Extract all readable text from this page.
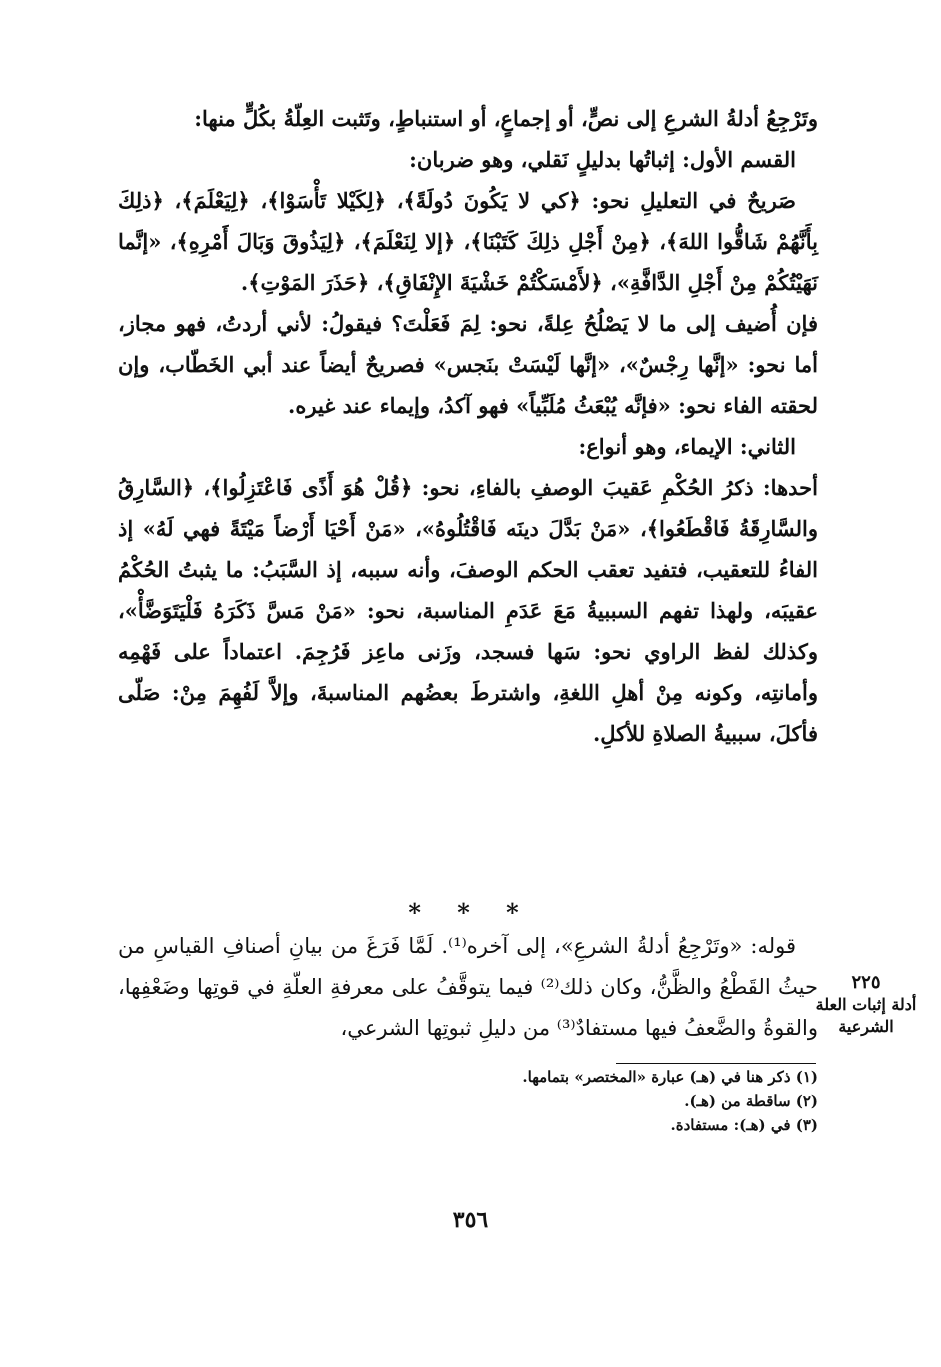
وتَرْجِعُ أدلةُ الشرعِ إلى نصٍّ، أو إجماعٍ، أو استنباطٍ، وتَثبت العِلّةُ بكُلٍّ منها:

القسم الأول: إثباتُها بدليلٍ نَقلي، وهو ضربان:

صَريحٌ في التعليلِ نحو: ﴿كي لا يَكُونَ دُولَةً﴾، ﴿لِكَيْلا تَأْسَوْا﴾، ﴿لِيَعْلَمَ﴾، ﴿ذلِكَ بِأَنَّهُمْ شَاقُّوا اللهَ﴾، ﴿مِنْ أَجْلِ ذلِكَ كَتَبْنَا﴾، ﴿إلا لِنَعْلَمَ﴾، ﴿لِيَذُوقَ وَبَالَ أَمْرِهِ﴾، «إنَّما نَهَيْتُكُمْ مِنْ أَجْلِ الدَّافَّةِ»، ﴿لأَمْسَكْتُمْ خَشْيَةَ الإِنْفَاقِ﴾، ﴿حَذَرَ المَوْتِ﴾.

فإن أُضيف إلى ما لا يَصْلُحُ عِلةً، نحو: لِمَ فَعَلْتَ؟ فيقولُ: لأني أردتُ، فهو مجاز، أما نحو: «إنَّها رِجْسٌ»، «إنَّها لَيْسَتْ بنَجس» فصريحٌ أيضاً عند أبي الخَطّاب، وإن لحقته الفاء نحو: «فإنَّه يُبْعَثُ مُلَبِّياً» فهو آكدُ، وإيماء عند غيره.

الثاني: الإيماء، وهو أنواع:

أحدها: ذكرُ الحُكْمِ عَقيبَ الوصفِ بالفاءِ، نحو: ﴿قُلْ هُوَ أَذًى فَاعْتَزِلُوا﴾، ﴿السَّارِقُ والسَّارِقَةُ فَاقْطَعُوا﴾، «مَنْ بَدَّلَ دينَه فَاقْتُلُوهُ»، «مَنْ أَحْيَا أَرْضاً مَيْتَةً فهي لَهُ» إذ الفاءُ للتعقيب، فتفيد تعقب الحكم الوصفَ، وأنه سببه، إذ السَّبَبُ: ما يثبتُ الحُكْمُ عقيبَه، ولهذا تفهم السببيةُ مَعَ عَدَمِ المناسبة، نحو: «مَنْ مَسَّ ذَكَرَهُ فَلْيَتَوَضَّأْ»، وكذلك لفظ الراوي نحو: سَها فسجد، وزَنى ماعِز فَرُجِمَ. اعتماداً على فَهْمِه وأمانتِه، وكونه مِنْ أهلِ اللغةِ، واشترطَ بعضُهم المناسبةَ، وإلاَّ لَفُهِمَ مِنْ: صَلّى فأكلَ، سببيةُ الصلاةِ للأكلِ.

* * *

قوله: «وتَرْجِعُ أدلةُ الشرعِ»، إلى آخره⁽¹⁾. لَمَّا فَرَغَ من بيانِ أصنافِ القياسِ من حيثُ القَطْعُ والظَّنُّ، وكان ذلك⁽²⁾ فيما يتوقَّفُ على معرفةِ العلّةِ في قوتِها وضَعْفِها، والقوةُ والضَّعفُ فيها مستفادٌ⁽³⁾ من دليلِ ثبوتِها الشرعي،

٢٢٥
أدلة إثبات العلة الشرعية
(١) ذكر هنا في (هـ) عبارة «المختصر» بتمامها.
(٢) ساقطة من (هـ).
(٣) في (هـ): مستفادة.
٣٥٦
